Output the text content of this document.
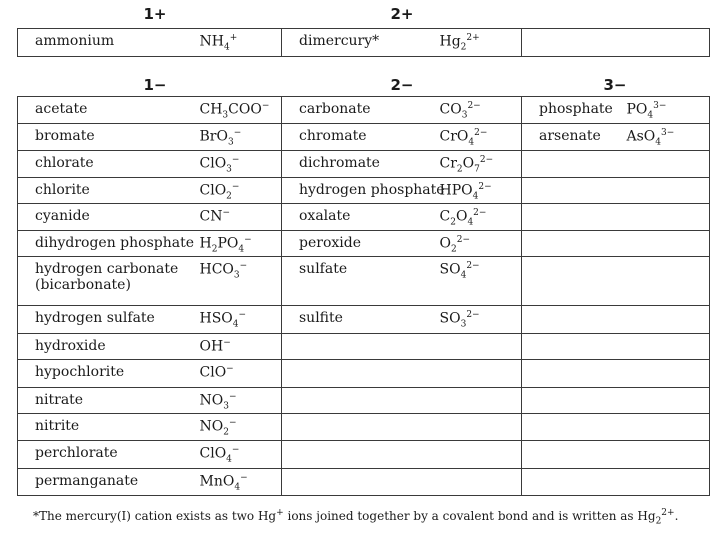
1+	2+
ammonium	$NH_4^+$	dimercury*	$Hg_2^{2+}$	
1−	2−	3−
acetate	$CH_3COO^-$	carbonate	$CO_3^{2-}$	phosphate	$PO_4^{3-}$
bromate	BrO$_3$−	chromate	CrO$_4^{2-}$	arsenate	AsO$_4^{3-}$
chlorate	ClO$_3$−	dichromate	$Cr_2O_7^{2-}$	
chlorite	ClO$_2$−	hydrogen phosphate	$HPO_4^{2-}$	
cyanide	CN−	oxalate	$C_2O_4^{2-}$	
dihydrogen phosphate	$H_2PO_4^-$	peroxide	$O_2^{2-}$	
hydrogen carbonate
(bicarbonate)	$HCO_3^-$	sulfate	$SO_4^{2-}$	
hydrogen sulfate	$HSO_4^-$	sulfite	$SO_3^{2-}$	
hydroxide	OH−			
hypochlorite	ClO−			
nitrate	$NO_3^-$			
nitrite	$NO_2^-$			
perchlorate	ClO$_4$−			
permanganate	MnO$_4$−			
*The mercury(I) cation exists as two Hg+ ions joined together by a covalent bond and is written as $Hg_2^{2+}$.
